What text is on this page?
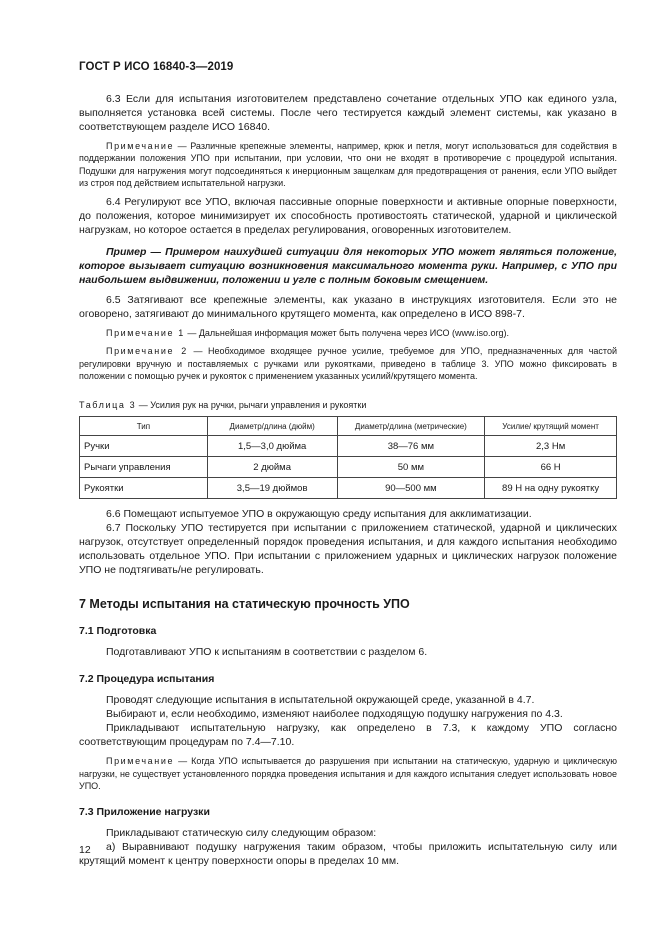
ГОСТ Р ИСО 16840-3—2019

6.3 Если для испытания изготовителем представлено сочетание отдельных УПО как единого узла, выполняется установка всей системы. После чего тестируется каждый элемент системы, как указано в соответствующем разделе ИСО 16840.

Примечание — Различные крепежные элементы, например, крюк и петля, могут использоваться для содействия в поддержании положения УПО при испытании, при условии, что они не входят в противоречие с процедурой испытания. Подушки для нагружения могут подсоединяться к инерционным защелкам для предотвращения от ранения, если УПО выйдет из строя под действием испытательной нагрузки.

6.4 Регулируют все УПО, включая пассивные опорные поверхности и активные опорные поверхности, до положения, которое минимизирует их способность противостоять статической, ударной и циклической нагрузкам, но которое остается в пределах регулирования, оговоренных изготовителем.

Пример — Примером наихудшей ситуации для некоторых УПО может являться положение, которое вызывает ситуацию возникновения максимального момента руки. Например, с УПО при наибольшем выдвижении, положении и угле с полным боковым смещением.

6.5 Затягивают все крепежные элементы, как указано в инструкциях изготовителя. Если это не оговорено, затягивают до минимального крутящего момента, как определено в ИСО 898-7.

Примечание 1 — Дальнейшая информация может быть получена через ИСО (www.iso.org).

Примечание 2 — Необходимое входящее ручное усилие, требуемое для УПО, предназначенных для частой регулировки вручную и поставляемых с ручками или рукоятками, приведено в таблице 3. УПО можно фиксировать в положении с помощью ручек и рукояток с применением указанных усилий/крутящего момента.

Таблица 3 — Усилия рук на ручки, рычаги управления и рукоятки
Тип	Диаметр/длина (дюйм)	Диаметр/длина (метрические)	Усилие/ крутящий момент
Ручки	1,5—3,0 дюйма	38—76 мм	2,3 Нм
Рычаги управления	2 дюйма	50 мм	66 Н
Рукоятки	3,5—19 дюймов	90—500 мм	89 Н на одну рукоятку

6.6 Помещают испытуемое УПО в окружающую среду испытания для акклиматизации.

6.7 Поскольку УПО тестируется при испытании с приложением статической, ударной и циклических нагрузок, отсутствует определенный порядок проведения испытания, и для каждого испытания необходимо использовать отдельное УПО. При испытании с приложением ударных и циклических нагрузок положение УПО не подтягивать/не регулировать.

7 Методы испытания на статическую прочность УПО
7.1 Подготовка

Подготавливают УПО к испытаниям в соответствии с разделом 6.

7.2 Процедура испытания

Проводят следующие испытания в испытательной окружающей среде, указанной в 4.7.

Выбирают и, если необходимо, изменяют наиболее подходящую подушку нагружения по 4.3.

Прикладывают испытательную нагрузку, как определено в 7.3, к каждому УПО согласно соответствующим процедурам по 7.4—7.10.

Примечание — Когда УПО испытывается до разрушения при испытании на статическую, ударную и циклическую нагрузки, не существует установленного порядка проведения испытания и для каждого испытания следует использовать новое УПО.

7.3 Приложение нагрузки

Прикладывают статическую силу следующим образом:

а) Выравнивают подушку нагружения таким образом, чтобы приложить испытательную силу или крутящий момент к центру поверхности опоры в пределах 10 мм.

12
